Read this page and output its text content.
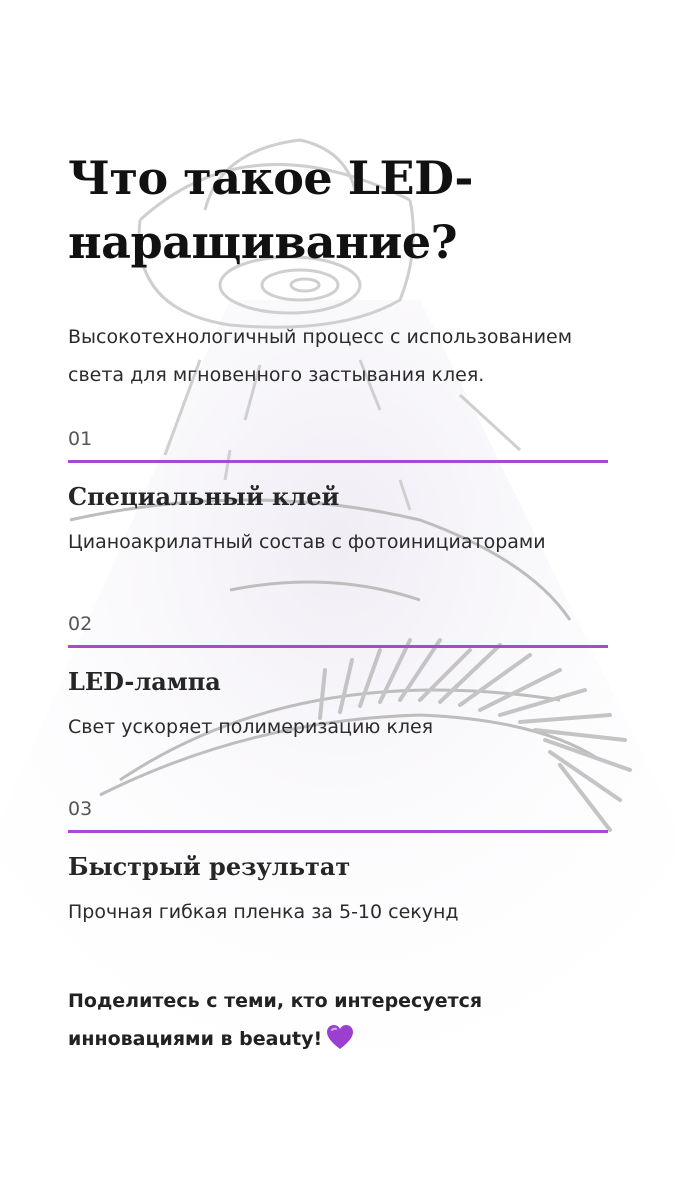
Что такое LED-наращивание?

Высокотехнологичный процесс с использованием света для мгновенного застывания клея.

01
Специальный клей
Цианоакрилатный состав с фотоинициаторами
02
LED-лампа
Свет ускоряет полимеризацию клея
03
Быстрый результат
Прочная гибкая пленка за 5-10 секунд

Поделитесь с теми, кто интересуется инновациями в beauty!
